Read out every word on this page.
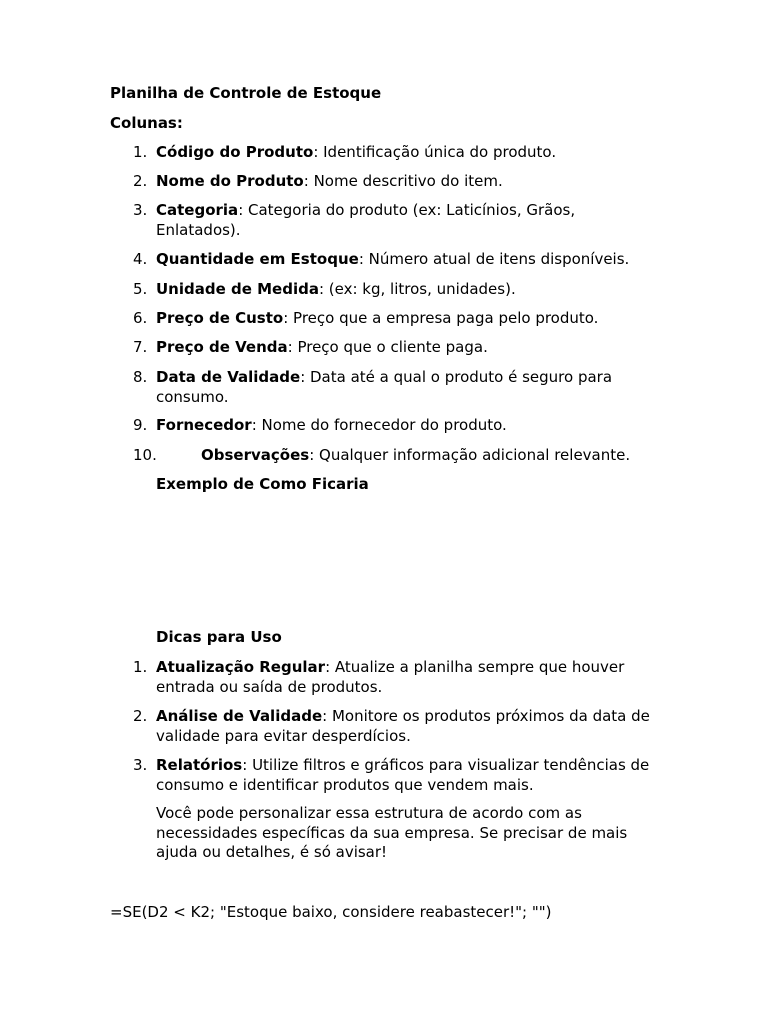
Planilha de Controle de Estoque
Colunas:
1. Código do Produto: Identificação única do produto.
2. Nome do Produto: Nome descritivo do item.
3. Categoria: Categoria do produto (ex: Laticínios, Grãos, Enlatados).
4. Quantidade em Estoque: Número atual de itens disponíveis.
5. Unidade de Medida: (ex: kg, litros, unidades).
6. Preço de Custo: Preço que a empresa paga pelo produto.
7. Preço de Venda: Preço que o cliente paga.
8. Data de Validade: Data até a qual o produto é seguro para consumo.
9. Fornecedor: Nome do fornecedor do produto.
10.	Observações: Qualquer informação adicional relevante.
Exemplo de Como Ficaria
Dicas para Uso
1. Atualização Regular: Atualize a planilha sempre que houver entrada ou saída de produtos.
2. Análise de Validade: Monitore os produtos próximos da data de validade para evitar desperdícios.
3. Relatórios: Utilize filtros e gráficos para visualizar tendências de consumo e identificar produtos que vendem mais.
Você pode personalizar essa estrutura de acordo com as necessidades específicas da sua empresa. Se precisar de mais ajuda ou detalhes, é só avisar!
=SE(D2 < K2; "Estoque baixo, considere reabastecer!"; "")
